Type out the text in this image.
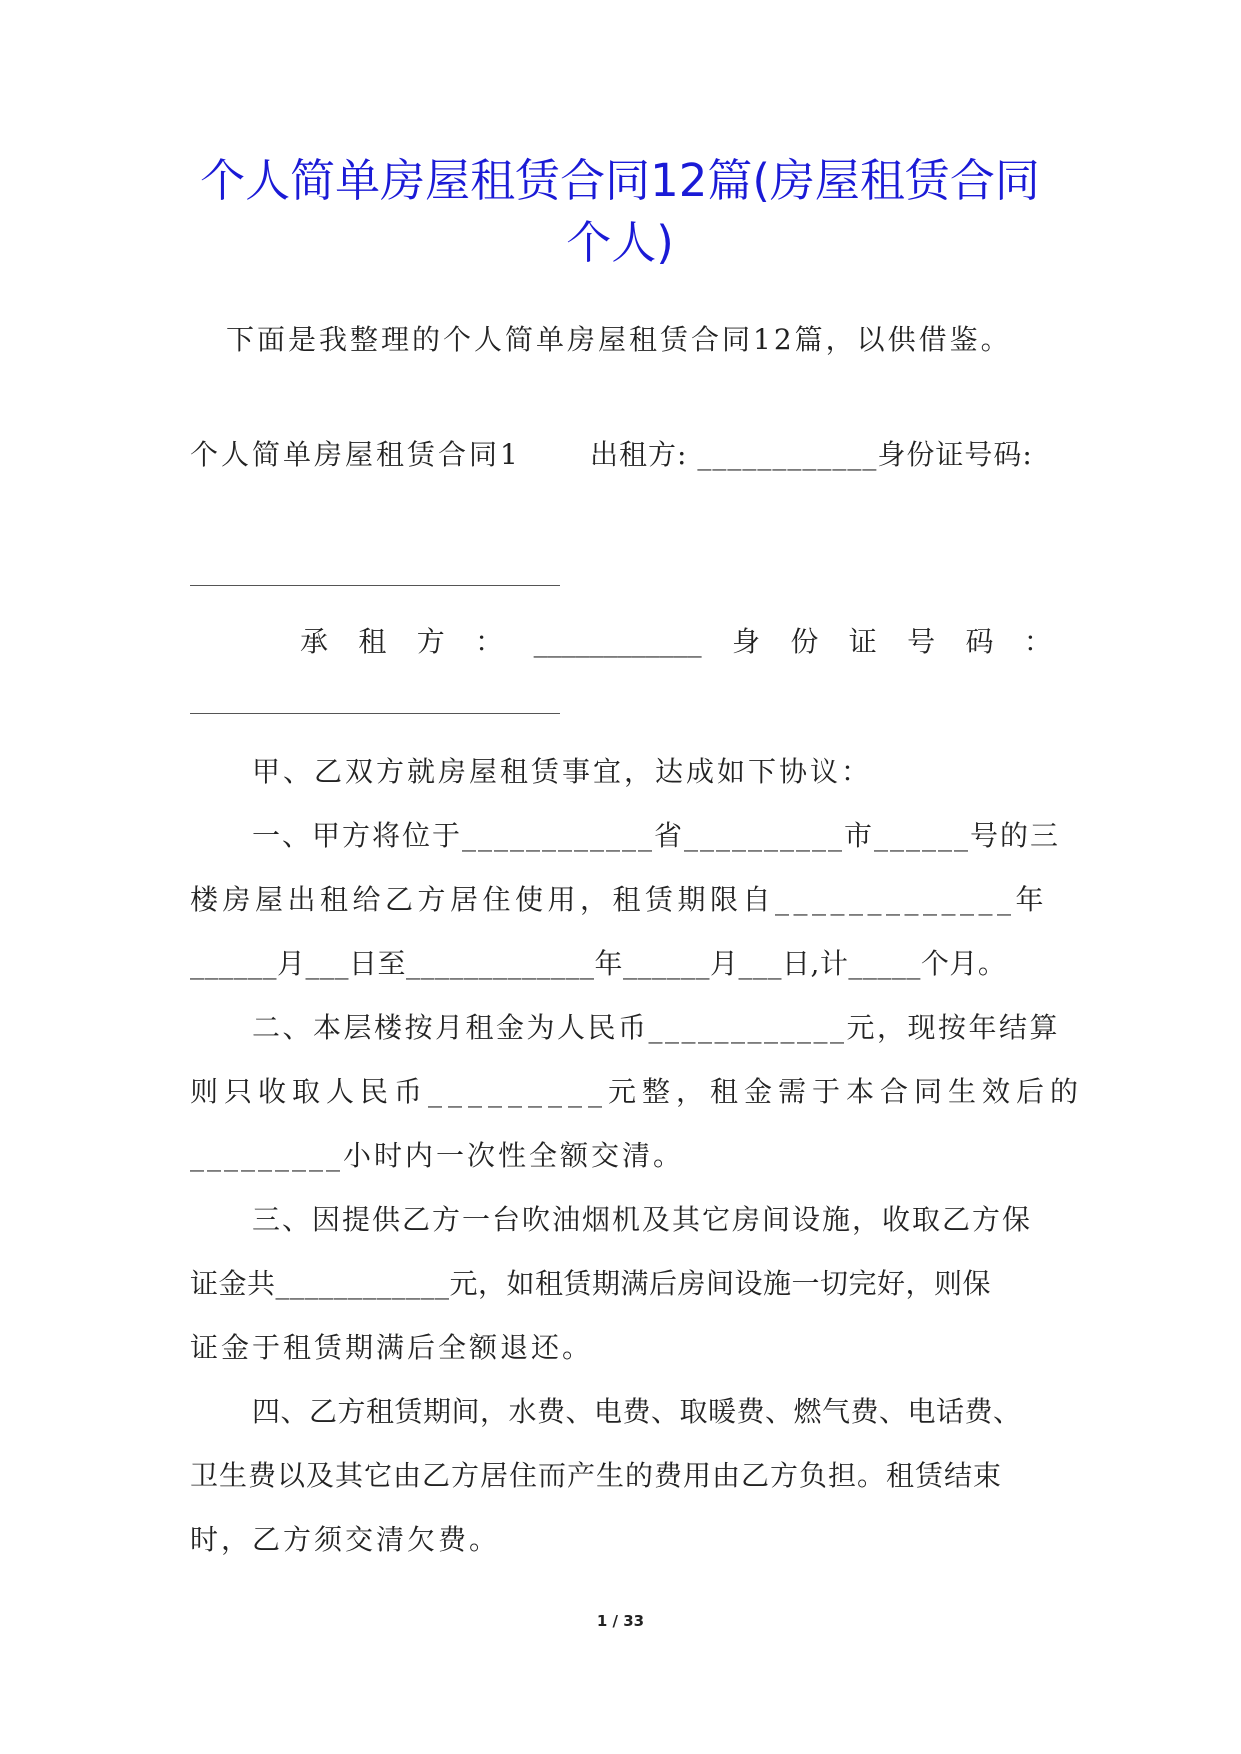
个人简单房屋租赁合同12篇(房屋租赁合同
个人)
下面是我整理的个人简单房屋租赁合同12篇，以供借鉴。
个人简单房屋租赁合同1 出租方: ____________身份证号码:
承 租 方 ： ____________ 身 份 证 号 码 ：
甲、乙双方就房屋租赁事宜，达成如下协议：
一、甲方将位于____________省__________市______号的三
楼房屋出租给乙方居住使用，租赁期限自_____________年
______月___日至_____________年______月___日,计_____个月。
二、本层楼按月租金为人民币____________元，现按年结算
则只收取人民币_________元整，租金需于本合同生效后的
_________小时内一次性全额交清。
三、因提供乙方一台吹油烟机及其它房间设施，收取乙方保
证金共____________元，如租赁期满后房间设施一切完好，则保
证金于租赁期满后全额退还。
四、乙方租赁期间，水费、电费、取暖费、燃气费、电话费、
卫生费以及其它由乙方居住而产生的费用由乙方负担。租赁结束
时，乙方须交清欠费。
1 / 33
